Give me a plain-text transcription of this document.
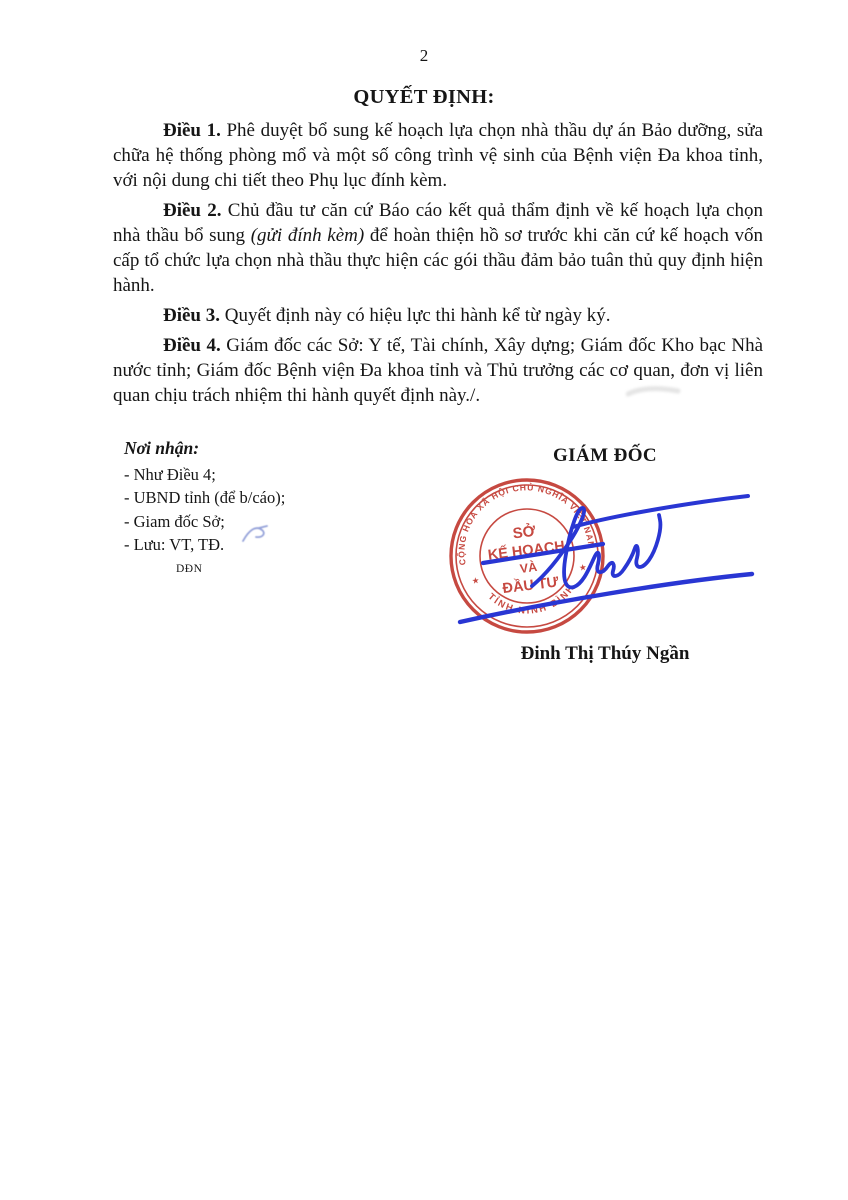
2
QUYẾT ĐỊNH:

Điều 1. Phê duyệt bổ sung kế hoạch lựa chọn nhà thầu dự án Bảo dưỡng, sửa chữa hệ thống phòng mổ và một số công trình vệ sinh của Bệnh viện Đa khoa tỉnh, với nội dung chi tiết theo Phụ lục đính kèm.

Điều 2. Chủ đầu tư căn cứ Báo cáo kết quả thẩm định về kế hoạch lựa chọn nhà thầu bổ sung (gửi đính kèm) để hoàn thiện hồ sơ trước khi căn cứ kế hoạch vốn cấp tổ chức lựa chọn nhà thầu thực hiện các gói thầu đảm bảo tuân thủ quy định hiện hành.

Điều 3. Quyết định này có hiệu lực thi hành kể từ ngày ký.

Điều 4. Giám đốc các Sở: Y tế, Tài chính, Xây dựng; Giám đốc Kho bạc Nhà nước tỉnh; Giám đốc Bệnh viện Đa khoa tỉnh và Thủ trưởng các cơ quan, đơn vị liên quan chịu trách nhiệm thi hành quyết định này./.

Nơi nhận:
- Như Điều 4;
- UBND tỉnh (để b/cáo);
- Giam đốc Sở;
- Lưu: VT, TĐ.
DĐN
GIÁM ĐỐC
CỘNG HÒA XÃ HỘI CHỦ NGHĨA VIỆT NAM
TỈNH NINH BÌNH
★
★
SỞ
KẾ HOẠCH
VÀ
ĐẦU TƯ
Đinh Thị Thúy Ngần
